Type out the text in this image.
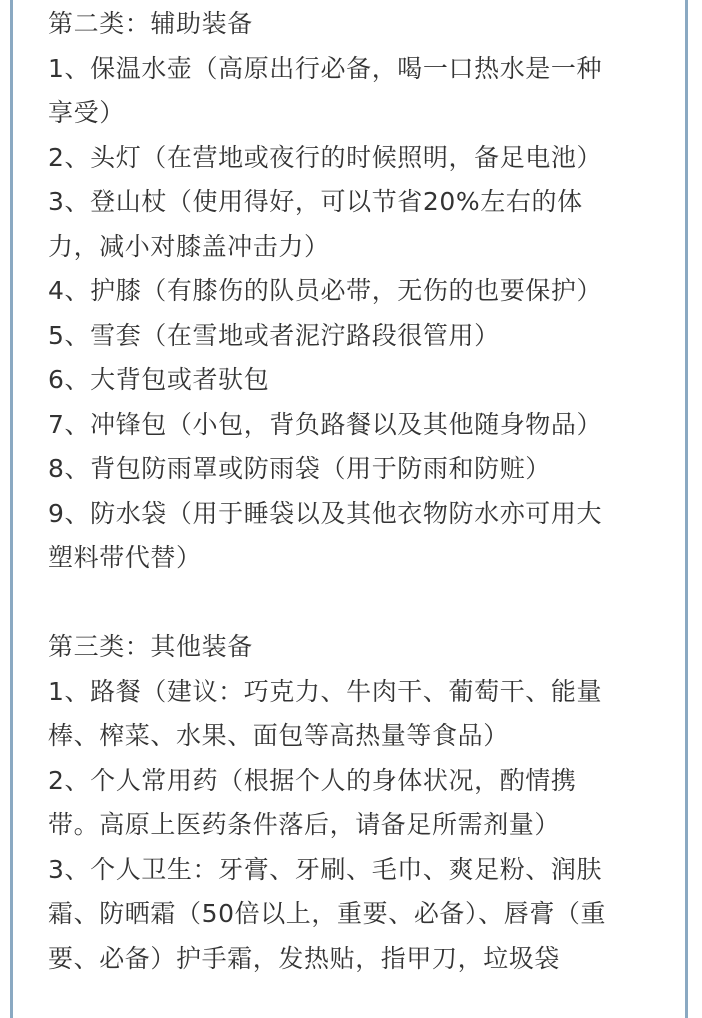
第二类：辅助装备
1、保温水壶（高原出行必备，喝一口热水是一种
享受）
2、头灯（在营地或夜行的时候照明，备足电池）
3、登山杖（使用得好，可以节省20%左右的体
力，减小对膝盖冲击力）
4、护膝（有膝伤的队员必带，无伤的也要保护）
5、雪套（在雪地或者泥泞路段很管用）
6、大背包或者驮包
7、冲锋包（小包，背负路餐以及其他随身物品）
8、背包防雨罩或防雨袋（用于防雨和防赃）
9、防水袋（用于睡袋以及其他衣物防水亦可用大
塑料带代替）
第三类：其他装备
1、路餐（建议：巧克力、牛肉干、葡萄干、能量
棒、榨菜、水果、面包等高热量等食品）
2、个人常用药（根据个人的身体状况，酌情携
带。高原上医药条件落后，请备足所需剂量）
3、个人卫生：牙膏、牙刷、毛巾、爽足粉、润肤
霜、防晒霜（50倍以上，重要、必备）、唇膏（重
要、必备）护手霜，发热贴，指甲刀，垃圾袋
